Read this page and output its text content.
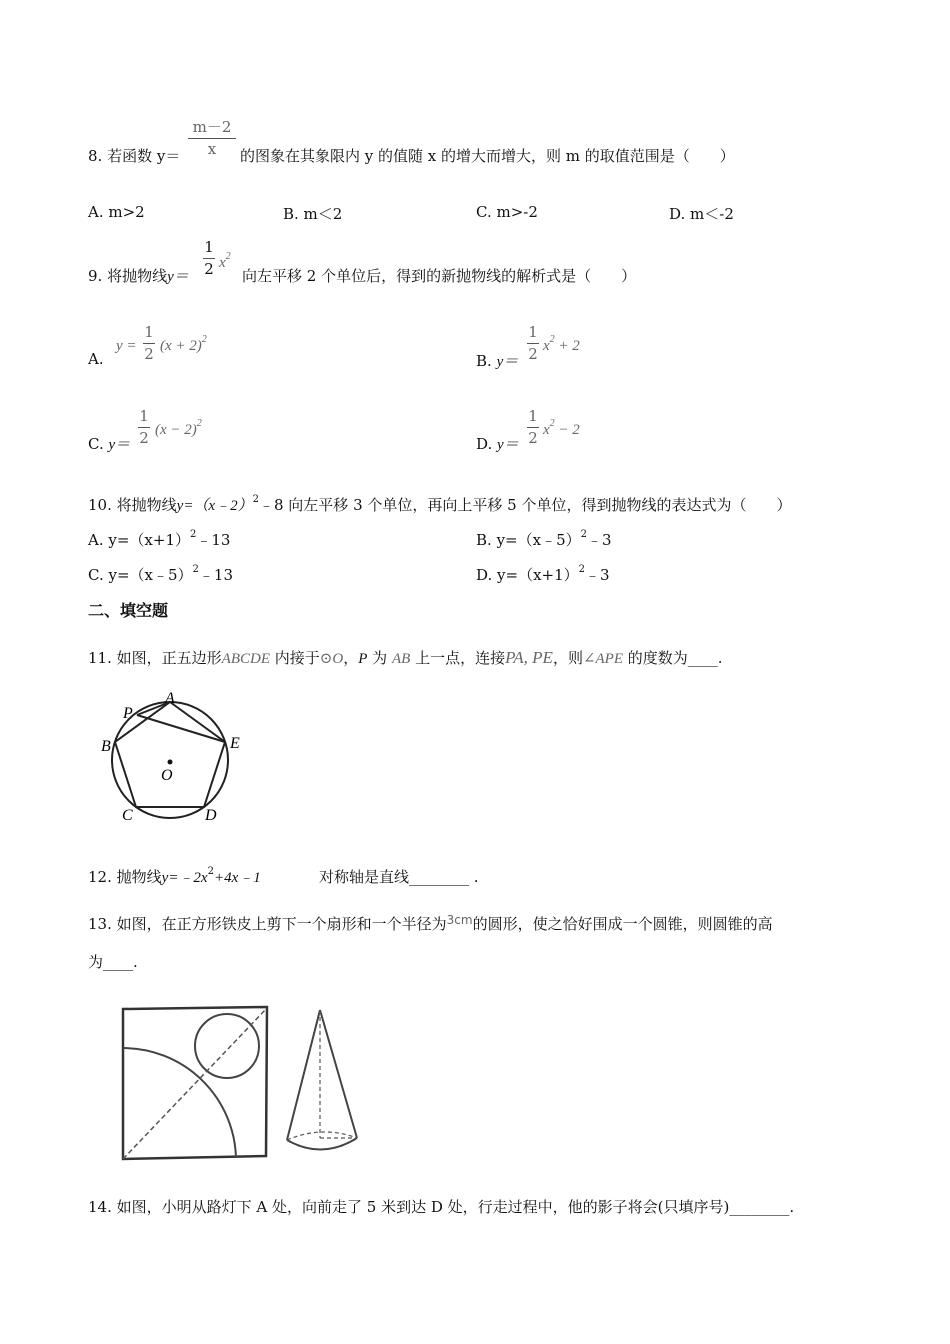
8. 若函数 y＝
m－2
x	的图象在其象限内 y 的值随 x 的增大而增大，则 m 的取值范围是（　　）
A. m>2	B. m＜2	C. m>-2	D. m＜-2
9. 将抛物线y＝
1
2 $x^2$
向左平移 2 个单位后，得到的新抛物线的解析式是（　　）
A.
y =
1
2 $(x + 2)^2$
B. y＝
1
2 $x^2 + 2$
C. y＝
1
2 $(x - 2)^2$
D. y＝
1
2 $x^2 - 2$
10. 将抛物线y=（x﹣2）$^2$﹣8 向左平移 3 个单位，再向上平移 5 个单位，得到抛物线的表达式为（　　）
A. $y=(x+1)^2﹣13$	B. y=（x﹣5）$^2$﹣3
C. y=（x﹣5）$^2$﹣13	D. $y=(x+1)^2﹣3$
二、填空题
11. 如图，正五边形ABCDE 内接于⊙O，P 为 AB 上一点，连接PA, PE，则∠APE 的度数为____.
A
P
B	E
O
C	D
12. 抛物线$y=﹣2x^2+4x﹣1$	对称轴是直线________ .
13. 如图，在正方形铁皮上剪下一个扇形和一个半径为$^{3cm}$的圆形，使之恰好围成一个圆锥，则圆锥的高
为____.
14. 如图，小明从路灯下 A 处，向前走了 5 米到达 D 处，行走过程中，他的影子将会(只填序号)________.
